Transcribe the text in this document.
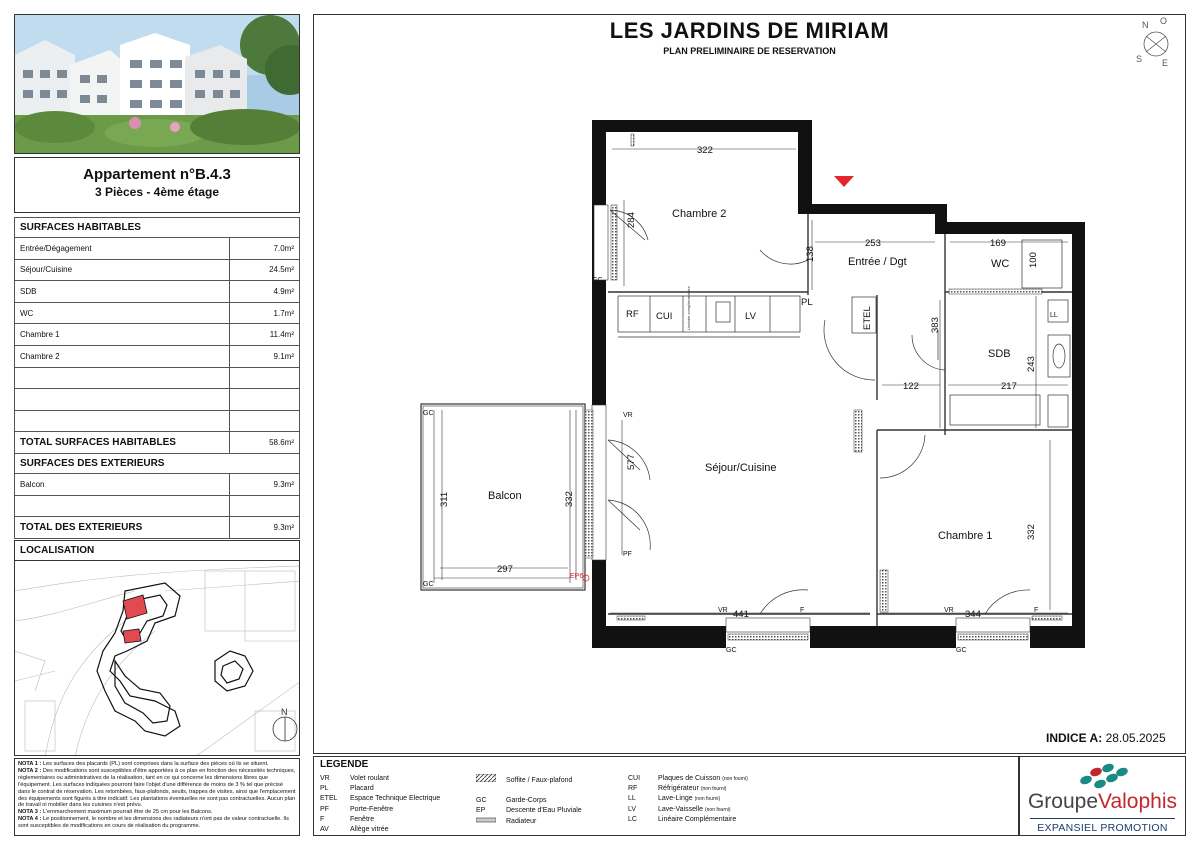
Appartement n°B.4.3
3 Pièces - 4ème étage
SURFACES HABITABLES	
Entrée/Dégagement	7.0m²
Séjour/Cuisine	24.5m²
SDB	4.9m²
WC	1.7m²
Chambre 1	11.4m²
Chambre 2	9.1m²

TOTAL SURFACES HABITABLES	58.6m²
SURFACES DES EXTERIEURS	
Balcon	9.3m²

TOTAL DES EXTERIEURS	9.3m²
LOCALISATION
N
NOTA 1 : Les surfaces des placards (PL) sont comprises dans la surface des pièces où ils se situent.
NOTA 2 : Des modifications sont susceptibles d'être apportées à ce plan en fonction des nécessités techniques, réglementaires ou administratives de la réalisation, tant en ce qui concerne les dimensions libres que l'équipement. Les surfaces indiquées pourront faire l'objet d'une différence de moins de 3 % tel que précisé dans le contrat de réservation. Les retombées, faux-plafonds, seuils, trappes de visites, ainsi que l'emplacement des équipements sont figurés à titre indicatif. Les plantations éventuelles ne sont pas contractuelles. Aucun plan de travail ni mobilier dans les cuisines n'est prévu.
NOTA 3 : L'emmarchement maximum pourrait être de 25 cm pour les Balcons.
NOTA 4 : Le positionnement, le nombre et les dimensions des radiateurs n'ont pas de valeur contractuelle. Ils sont susceptibles de modifications en cours de réalisation du programme.
LES JARDINS DE MIRIAM
PLAN PRELIMINAIRE DE RESERVATION
N O
S E
GC
GC
EP6
GC
VR
PF
RF CUI	LV
PL
ETEL
Linéaire complémentaire	LL
GC
VR	F
GC
VR	F
322
284
253	169
138	100
383
243
122	217
577
311	332
297
332
441	344
Chambre 2
Entrée / Dgt	WC
SDB
Séjour/Cuisine
Chambre 1
Balcon
INDICE A: 28.05.2025
LEGENDE
VR	Volet roulant
PL	Placard
ETEL Espace Technique Electrique
PF	Porte-Fenêtre
F	Fenêtre
AV	Allège vitrée
Soffite / Faux-plafond
GC	Garde-Corps
EP	Descente d'Eau Pluviale
Radiateur
CUI	Plaques de Cuisson (non fourni)
RF	Réfrigérateur (non fourni)
LL	Lave-Linge (non fourni)
LV	Lave-Vaisselle (non fourni)
LC	Linéaire Complémentaire
GroupeValophis
EXPANSIEL PROMOTION
